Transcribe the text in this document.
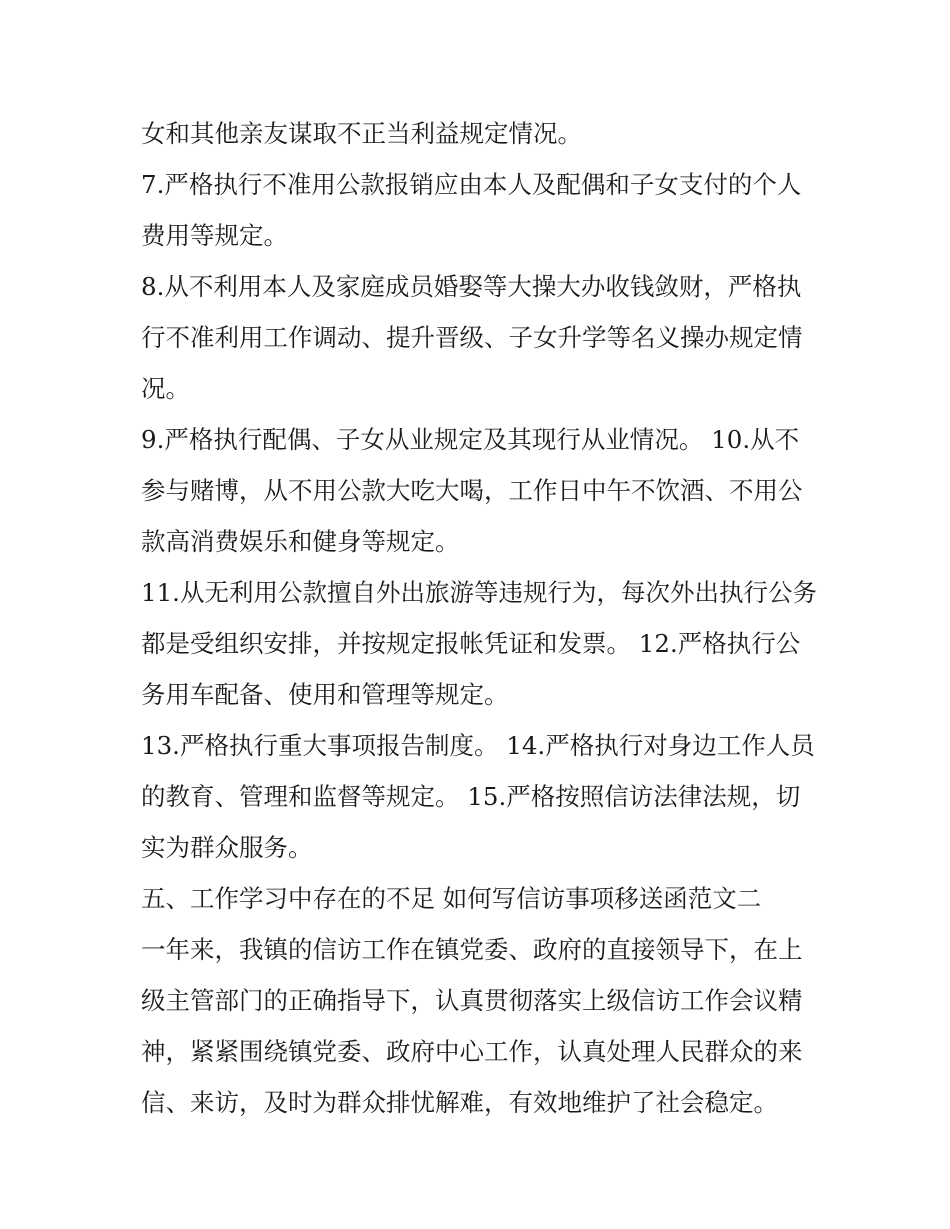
女和其他亲友谋取不正当利益规定情况。
7.严格执行不准用公款报销应由本人及配偶和子女支付的个人
费用等规定。
8.从不利用本人及家庭成员婚娶等大操大办收钱敛财，严格执
行不准利用工作调动、提升晋级、子女升学等名义操办规定情
况。
9.严格执行配偶、子女从业规定及其现行从业情况。 10.从不
参与赌博，从不用公款大吃大喝，工作日中午不饮酒、不用公
款高消费娱乐和健身等规定。
11.从无利用公款擅自外出旅游等违规行为，每次外出执行公务
都是受组织安排，并按规定报帐凭证和发票。 12.严格执行公
务用车配备、使用和管理等规定。
13.严格执行重大事项报告制度。 14.严格执行对身边工作人员
的教育、管理和监督等规定。 15.严格按照信访法律法规，切
实为群众服务。
五、工作学习中存在的不足 如何写信访事项移送函范文二
一年来，我镇的信访工作在镇党委、政府的直接领导下，在上
级主管部门的正确指导下，认真贯彻落实上级信访工作会议精
神，紧紧围绕镇党委、政府中心工作，认真处理人民群众的来
信、来访，及时为群众排忧解难，有效地维护了社会稳定。
